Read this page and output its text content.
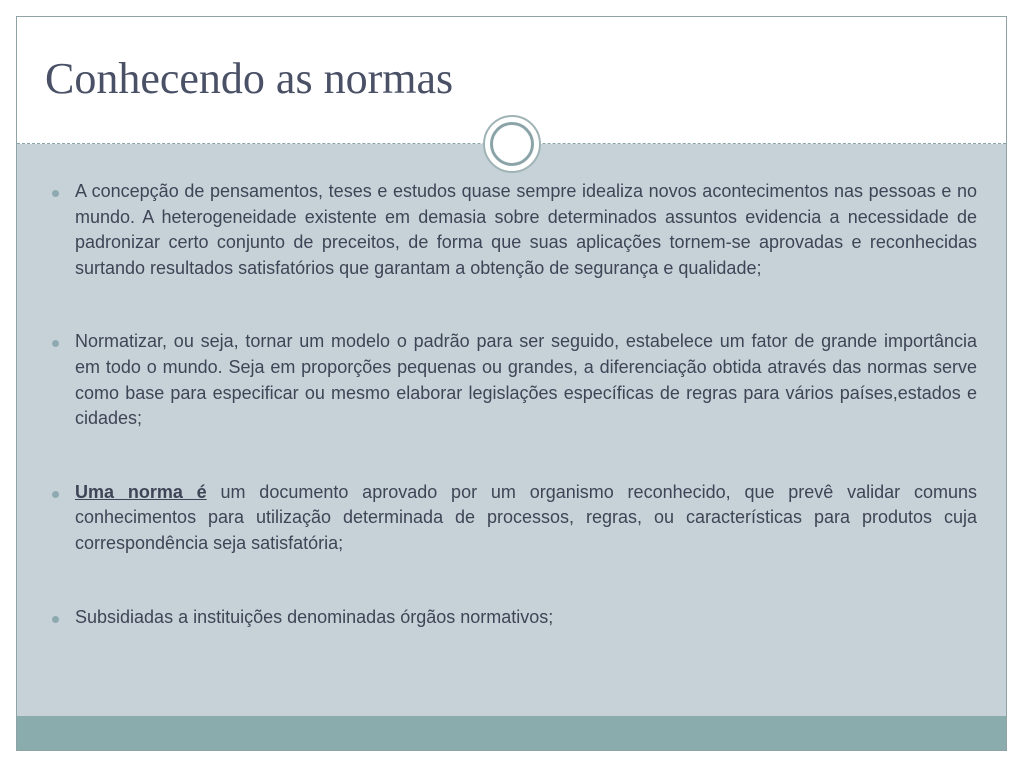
Conhecendo as normas
A concepção de pensamentos, teses e estudos quase sempre idealiza novos acontecimentos nas pessoas e no mundo. A heterogeneidade existente em demasia sobre determinados assuntos evidencia a necessidade de padronizar certo conjunto de preceitos, de forma que suas aplicações tornem-se aprovadas e reconhecidas surtando resultados satisfatórios que garantam a obtenção de segurança e qualidade;
Normatizar, ou seja, tornar um modelo o padrão para ser seguido, estabelece um fator de grande importância em todo o mundo. Seja em proporções pequenas ou grandes, a diferenciação obtida através das normas serve como base para especificar ou mesmo elaborar legislações específicas de regras para vários países,estados e cidades;
Uma norma é um documento aprovado por um organismo reconhecido, que prevê validar comuns conhecimentos para utilização determinada de processos, regras, ou características para produtos cuja correspondência seja satisfatória;
Subsidiadas a instituições denominadas órgãos normativos;
